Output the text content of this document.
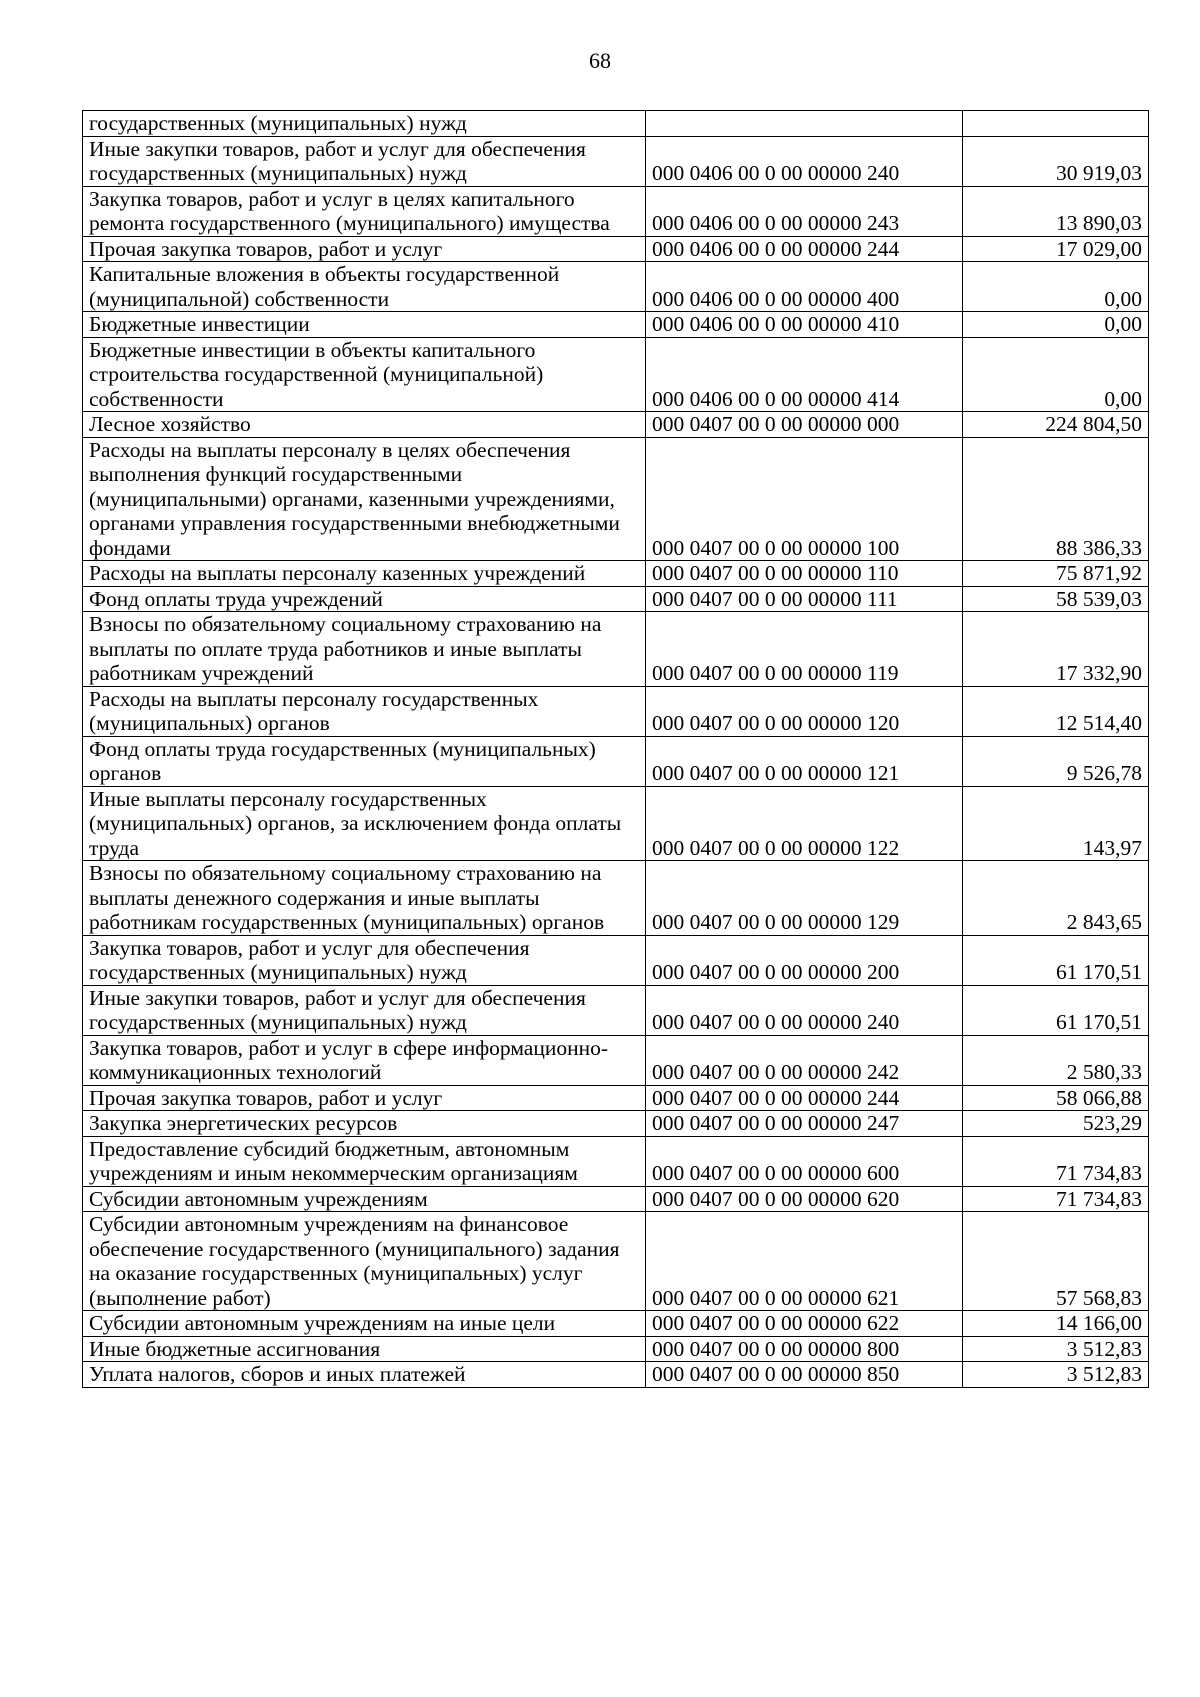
68
государственных (муниципальных) нужд		
Иные закупки товаров, работ и услуг для обеспечения государственных (муниципальных) нужд	000 0406 00 0 00 00000 240	30 919,03
Закупка товаров, работ и услуг в целях капитального ремонта государственного (муниципального) имущества	000 0406 00 0 00 00000 243	13 890,03
Прочая закупка товаров, работ и услуг	000 0406 00 0 00 00000 244	17 029,00
Капитальные вложения в объекты государственной (муниципальной) собственности	000 0406 00 0 00 00000 400	0,00
Бюджетные инвестиции	000 0406 00 0 00 00000 410	0,00
Бюджетные инвестиции в объекты капитального строительства государственной (муниципальной) собственности	000 0406 00 0 00 00000 414	0,00
Лесное хозяйство	000 0407 00 0 00 00000 000	224 804,50
Расходы на выплаты персоналу в целях обеспечения выполнения функций государственными (муниципальными) органами, казенными учреждениями, органами управления государственными внебюджетными фондами	000 0407 00 0 00 00000 100	88 386,33
Расходы на выплаты персоналу казенных учреждений	000 0407 00 0 00 00000 110	75 871,92
Фонд оплаты труда учреждений	000 0407 00 0 00 00000 111	58 539,03
Взносы по обязательному социальному страхованию на выплаты по оплате труда работников и иные выплаты работникам учреждений	000 0407 00 0 00 00000 119	17 332,90
Расходы на выплаты персоналу государственных (муниципальных) органов	000 0407 00 0 00 00000 120	12 514,40
Фонд оплаты труда государственных (муниципальных) органов	000 0407 00 0 00 00000 121	9 526,78
Иные выплаты персоналу государственных (муниципальных) органов, за исключением фонда оплаты труда	000 0407 00 0 00 00000 122	143,97
Взносы по обязательному социальному страхованию на выплаты денежного содержания и иные выплаты работникам государственных (муниципальных) органов	000 0407 00 0 00 00000 129	2 843,65
Закупка товаров, работ и услуг для обеспечения государственных (муниципальных) нужд	000 0407 00 0 00 00000 200	61 170,51
Иные закупки товаров, работ и услуг для обеспечения государственных (муниципальных) нужд	000 0407 00 0 00 00000 240	61 170,51
Закупка товаров, работ и услуг в сфере информационно-коммуникационных технологий	000 0407 00 0 00 00000 242	2 580,33
Прочая закупка товаров, работ и услуг	000 0407 00 0 00 00000 244	58 066,88
Закупка энергетических ресурсов	000 0407 00 0 00 00000 247	523,29
Предоставление субсидий бюджетным, автономным учреждениям и иным некоммерческим организациям	000 0407 00 0 00 00000 600	71 734,83
Субсидии автономным учреждениям	000 0407 00 0 00 00000 620	71 734,83
Субсидии автономным учреждениям на финансовое обеспечение государственного (муниципального) задания на оказание государственных (муниципальных) услуг (выполнение работ)	000 0407 00 0 00 00000 621	57 568,83
Субсидии автономным учреждениям на иные цели	000 0407 00 0 00 00000 622	14 166,00
Иные бюджетные ассигнования	000 0407 00 0 00 00000 800	3 512,83
Уплата налогов, сборов и иных платежей	000 0407 00 0 00 00000 850	3 512,83
